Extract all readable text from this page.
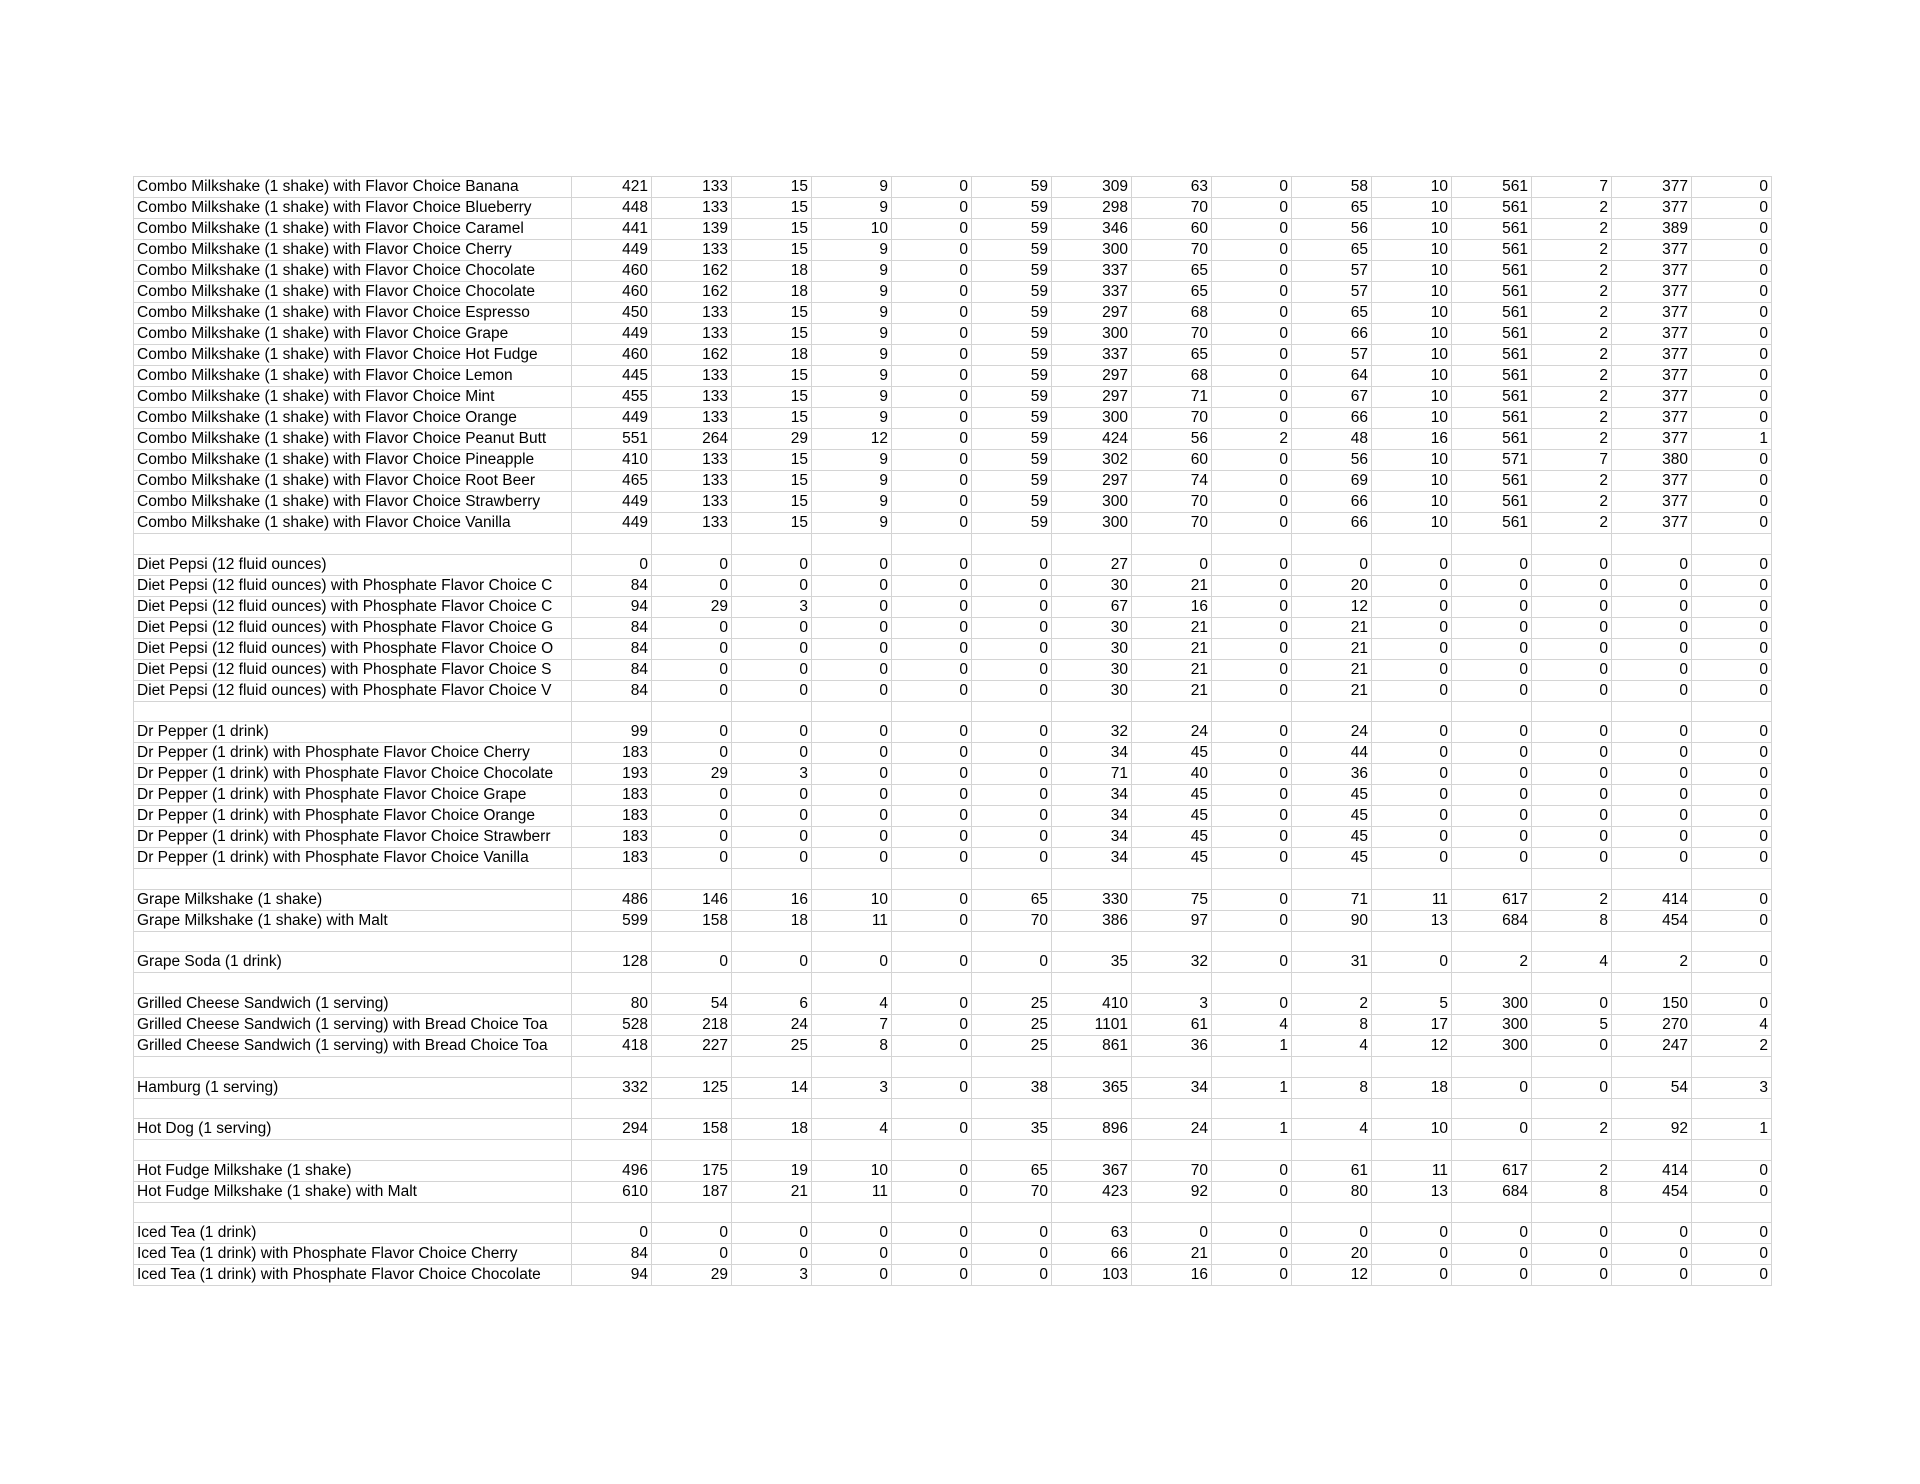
Combo Milkshake (1 shake) with Flavor Choice Banana	421	133	15	9	0	59	309	63	0	58	10	561	7	377	0
Combo Milkshake (1 shake) with Flavor Choice Blueberry	448	133	15	9	0	59	298	70	0	65	10	561	2	377	0
Combo Milkshake (1 shake) with Flavor Choice Caramel	441	139	15	10	0	59	346	60	0	56	10	561	2	389	0
Combo Milkshake (1 shake) with Flavor Choice Cherry	449	133	15	9	0	59	300	70	0	65	10	561	2	377	0
Combo Milkshake (1 shake) with Flavor Choice Chocolate	460	162	18	9	0	59	337	65	0	57	10	561	2	377	0
Combo Milkshake (1 shake) with Flavor Choice Chocolate	460	162	18	9	0	59	337	65	0	57	10	561	2	377	0
Combo Milkshake (1 shake) with Flavor Choice Espresso	450	133	15	9	0	59	297	68	0	65	10	561	2	377	0
Combo Milkshake (1 shake) with Flavor Choice Grape	449	133	15	9	0	59	300	70	0	66	10	561	2	377	0
Combo Milkshake (1 shake) with Flavor Choice Hot Fudge	460	162	18	9	0	59	337	65	0	57	10	561	2	377	0
Combo Milkshake (1 shake) with Flavor Choice Lemon	445	133	15	9	0	59	297	68	0	64	10	561	2	377	0
Combo Milkshake (1 shake) with Flavor Choice Mint	455	133	15	9	0	59	297	71	0	67	10	561	2	377	0
Combo Milkshake (1 shake) with Flavor Choice Orange	449	133	15	9	0	59	300	70	0	66	10	561	2	377	0
Combo Milkshake (1 shake) with Flavor Choice Peanut Butt	551	264	29	12	0	59	424	56	2	48	16	561	2	377	1
Combo Milkshake (1 shake) with Flavor Choice Pineapple	410	133	15	9	0	59	302	60	0	56	10	571	7	380	0
Combo Milkshake (1 shake) with Flavor Choice Root Beer	465	133	15	9	0	59	297	74	0	69	10	561	2	377	0
Combo Milkshake (1 shake) with Flavor Choice Strawberry	449	133	15	9	0	59	300	70	0	66	10	561	2	377	0
Combo Milkshake (1 shake) with Flavor Choice Vanilla	449	133	15	9	0	59	300	70	0	66	10	561	2	377	0

Diet Pepsi (12 fluid ounces)	0	0	0	0	0	0	27	0	0	0	0	0	0	0	0
Diet Pepsi (12 fluid ounces) with Phosphate Flavor Choice C	84	0	0	0	0	0	30	21	0	20	0	0	0	0	0
Diet Pepsi (12 fluid ounces) with Phosphate Flavor Choice C	94	29	3	0	0	0	67	16	0	12	0	0	0	0	0
Diet Pepsi (12 fluid ounces) with Phosphate Flavor Choice G	84	0	0	0	0	0	30	21	0	21	0	0	0	0	0
Diet Pepsi (12 fluid ounces) with Phosphate Flavor Choice O	84	0	0	0	0	0	30	21	0	21	0	0	0	0	0
Diet Pepsi (12 fluid ounces) with Phosphate Flavor Choice S	84	0	0	0	0	0	30	21	0	21	0	0	0	0	0
Diet Pepsi (12 fluid ounces) with Phosphate Flavor Choice V	84	0	0	0	0	0	30	21	0	21	0	0	0	0	0

Dr Pepper (1 drink)	99	0	0	0	0	0	32	24	0	24	0	0	0	0	0
Dr Pepper (1 drink) with Phosphate Flavor Choice Cherry	183	0	0	0	0	0	34	45	0	44	0	0	0	0	0
Dr Pepper (1 drink) with Phosphate Flavor Choice Chocolate	193	29	3	0	0	0	71	40	0	36	0	0	0	0	0
Dr Pepper (1 drink) with Phosphate Flavor Choice Grape	183	0	0	0	0	0	34	45	0	45	0	0	0	0	0
Dr Pepper (1 drink) with Phosphate Flavor Choice Orange	183	0	0	0	0	0	34	45	0	45	0	0	0	0	0
Dr Pepper (1 drink) with Phosphate Flavor Choice Strawberr	183	0	0	0	0	0	34	45	0	45	0	0	0	0	0
Dr Pepper (1 drink) with Phosphate Flavor Choice Vanilla	183	0	0	0	0	0	34	45	0	45	0	0	0	0	0

Grape Milkshake (1 shake)	486	146	16	10	0	65	330	75	0	71	11	617	2	414	0
Grape Milkshake (1 shake) with Malt	599	158	18	11	0	70	386	97	0	90	13	684	8	454	0

Grape Soda (1 drink)	128	0	0	0	0	0	35	32	0	31	0	2	4	2	0

Grilled Cheese Sandwich (1 serving)	80	54	6	4	0	25	410	3	0	2	5	300	0	150	0
Grilled Cheese Sandwich (1 serving) with Bread Choice Toa	528	218	24	7	0	25	1101	61	4	8	17	300	5	270	4
Grilled Cheese Sandwich (1 serving) with Bread Choice Toa	418	227	25	8	0	25	861	36	1	4	12	300	0	247	2

Hamburg (1 serving)	332	125	14	3	0	38	365	34	1	8	18	0	0	54	3

Hot Dog (1 serving)	294	158	18	4	0	35	896	24	1	4	10	0	2	92	1

Hot Fudge Milkshake (1 shake)	496	175	19	10	0	65	367	70	0	61	11	617	2	414	0
Hot Fudge Milkshake (1 shake) with Malt	610	187	21	11	0	70	423	92	0	80	13	684	8	454	0

Iced Tea (1 drink)	0	0	0	0	0	0	63	0	0	0	0	0	0	0	0
Iced Tea (1 drink) with Phosphate Flavor Choice Cherry	84	0	0	0	0	0	66	21	0	20	0	0	0	0	0
Iced Tea (1 drink) with Phosphate Flavor Choice Chocolate	94	29	3	0	0	0	103	16	0	12	0	0	0	0	0
